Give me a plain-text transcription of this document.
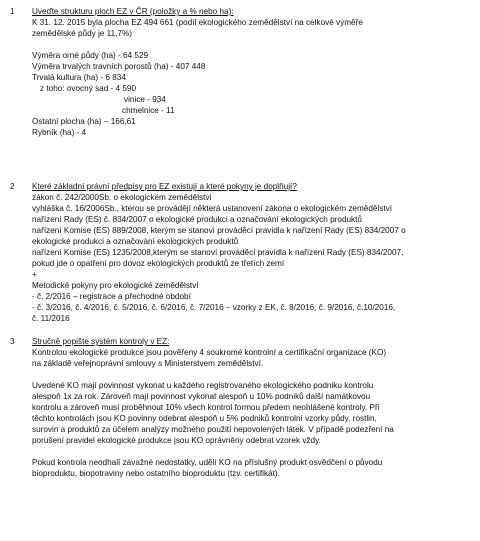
1 Uveďte strukturu ploch EZ v ČR (položky a % nebo ha):
K 31. 12. 2015 byla plocha EZ 494 661 (podíl ekologického zemědělství na celkové výměře
zemědělské půdy je 11,7%)
Výměra orné půdy (ha) - 64 529
Výměra trvalých travních porostů (ha) - 407 448
Trvalá kultura (ha) - 6 834
z toho: ovocný sad - 4 590
vinice - 934
chmelnice - 11
Ostatní plocha (ha) – 166,61
Rybník (ha) - 4
2 Které základní právní předpisy pro EZ existují a které pokyny je doplňují?
zákon č. 242/2000Sb. o ekologickém zemědělství
vyhláška č. 16/2006Sb., kterou se provádějí některá ustanovení zákona o ekologickém zemědělství
nařízení Rady (ES) č. 834/2007 o ekologické produkci a označování ekologických produktů
nařízení Komise (ES) 889/2008, kterým se stanoví prováděcí pravidla k nařízení Rady (ES) 834/2007 o
ekologické produkci a označování ekologických produktů
nařízení Komise (ES) 1235/2008,kterým se stanoví prováděcí pravidla k nařízení Rady (ES) 834/2007,
pokud jde o opatření pro dovoz ekologických produktů ze třetích zemí
+
Metodické pokyny pro ekologické zemědělství
- č. 2/2016 – registrace a přechodné období
- č. 3/2016, č. 4/2016, č. 5/2016, č. 6/2016, č. 7/2016 – vzorky z EK, č. 8/2016, č. 9/2016, č.10/2016,
č. 11/2016
3 Stručně popište systém kontroly v EZ:
Kontrolou ekologické produkce jsou pověřeny 4 soukromé kontrolní a certifikační organizace (KO)
na základě veřejnoprávní smlouvy s Ministerstvem zemědělství.
Uvedené KO mají povinnost vykonat u každého registrovaného ekologického podniku kontrolu
alespoň 1x za rok. Zároveň mají povinnost vykonat alespoň u 10% podniků další namátkovou
kontrolu a zároveň musí proběhnout 10% všech kontrol formou předem neohlášené kontroly. Při
těchto kontrolách jsou KO povinny odebrat alespoň u 5% podniků kontrolní vzorky půdy, rostlin,
surovin a produktů za účelem analýzy možného použití nepovolených látek. V případě podezření na
porušení pravidel ekologické produkce jsou KO oprávněny odebrat vzorek vždy.
Pokud kontrola neodhalí závažné nedostatky, udělí KO na příslušný produkt osvědčení o původu
bioproduktu, biopotraviny nebo ostatního bioproduktu (tzv. certifikát).
